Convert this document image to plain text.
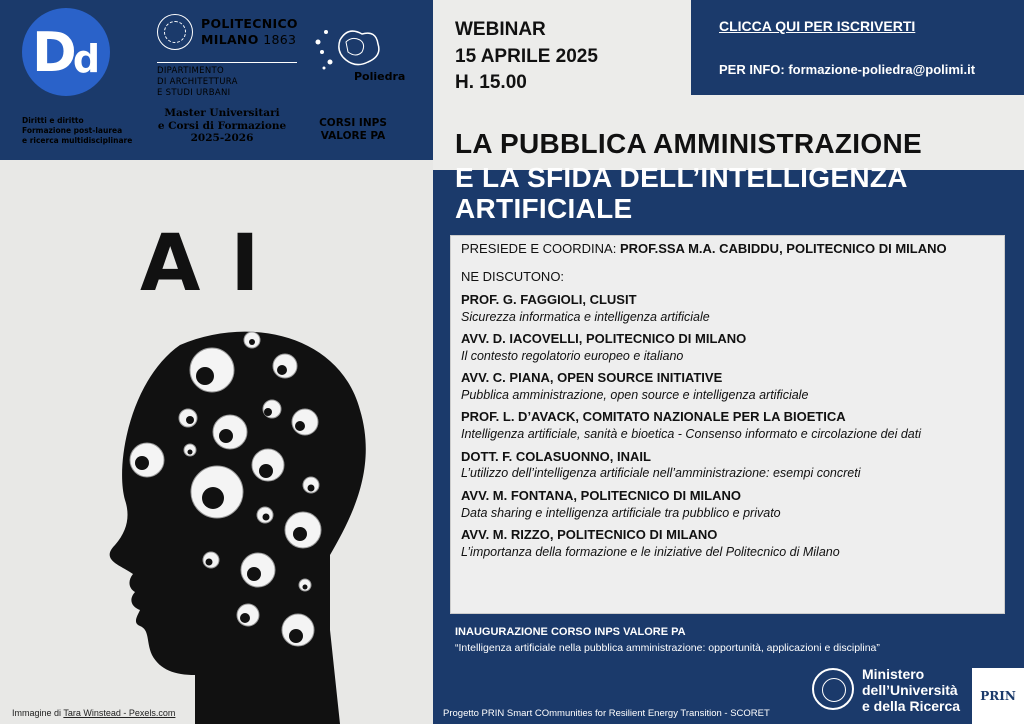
D d
Diritti e diritto
Formazione post-laurea
e ricerca multidisciplinare
POLITECNICO
MILANO 1863
DIPARTIMENTO
DI ARCHITETTURA
E STUDI URBANI
Master Universitari
e Corsi di Formazione
2025-2026
Poliedra
CORSI INPS
VALORE PA
WEBINAR
15 APRILE 2025
H. 15.00
CLICCA QUI PER ISCRIVERTI
PER INFO: formazione-poliedra@polimi.it
LA PUBBLICA AMMINISTRAZIONE
E LA SFIDA DELL’INTELLIGENZA
ARTIFICIALE
PRESIEDE E COORDINA: PROF.SSA M.A. CABIDDU, POLITECNICO DI MILANO
NE DISCUTONO:
PROF. G. FAGGIOLI, CLUSIT
Sicurezza informatica e intelligenza artificiale
AVV. D. IACOVELLI, POLITECNICO DI MILANO
Il contesto regolatorio europeo e italiano
AVV. C. PIANA, OPEN SOURCE INITIATIVE
Pubblica amministrazione, open source e intelligenza artificiale
PROF. L. D’AVACK, COMITATO NAZIONALE PER LA BIOETICA
Intelligenza artificiale, sanità e bioetica - Consenso informato e circolazione dei dati
DOTT. F. COLASUONNO, INAIL
L’utilizzo dell’intelligenza artificiale nell’amministrazione: esempi concreti
AVV. M. FONTANA, POLITECNICO DI MILANO
Data sharing e intelligenza artificiale tra pubblico e privato
AVV. M. RIZZO, POLITECNICO DI MILANO
L’importanza della formazione e le iniziative del Politecnico di Milano
AI
Immagine di Tara Winstead - Pexels.com
INAUGURAZIONE CORSO INPS VALORE PA
“Intelligenza artificiale nella pubblica amministrazione: opportunità, applicazioni e disciplina”
Progetto PRIN Smart COmmunities for Resilient Energy Transition - SCORET
Ministero
dell’Università
e della Ricerca
PRIN
